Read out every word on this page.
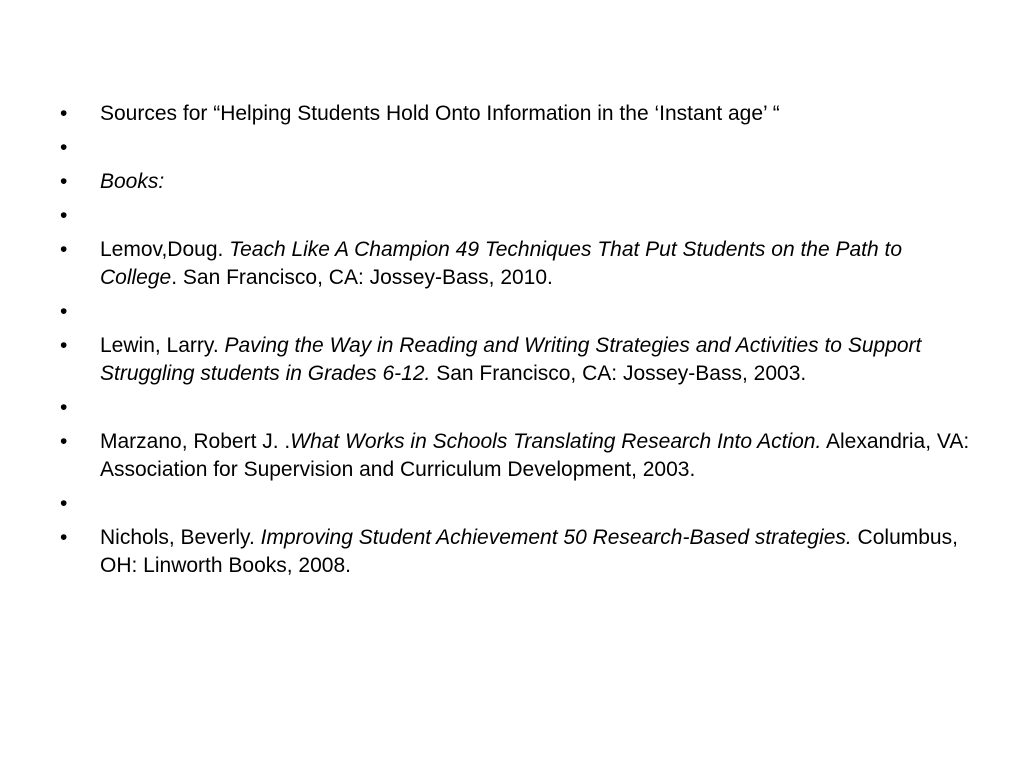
•	Sources for “Helping Students Hold Onto Information in the ‘Instant age’ “
•
•	Books:
•
•	Lemov,Doug. Teach Like A Champion 49 Techniques That Put Students on the Path to College. San Francisco, CA: Jossey-Bass, 2010.
•
•	Lewin, Larry. Paving the Way in Reading and Writing Strategies and Activities to Support Struggling students in Grades 6-12. San Francisco, CA: Jossey-Bass, 2003.
•
•	Marzano, Robert J. .What Works in Schools Translating Research Into Action. Alexandria, VA: Association for Supervision and Curriculum Development, 2003.
•
•	Nichols, Beverly. Improving Student Achievement 50 Research-Based strategies. Columbus, OH: Linworth Books, 2008.
